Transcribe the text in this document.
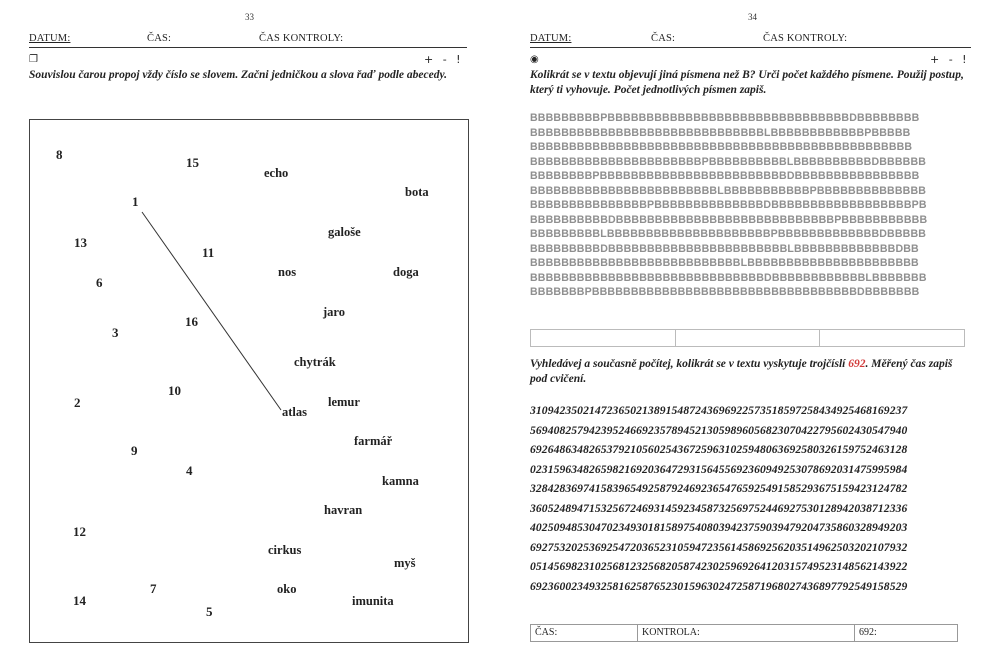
33
DATUM:	ČAS:	ČAS KONTROLY:
❐	+ - !
Souvislou čarou propoj vždy číslo se slovem. Začni jedničkou a slova řaď podle abecedy.
8
15
1
13
11
6
3
16
10
2
9
4
12
7
14
5
echo
bota
galoše
nos	doga
jaro
chytrák
lemur
atlas
farmář
kamna
havran
cirkus
myš
oko
imunita
34
DATUM:	ČAS:	ČAS KONTROLY:
◉	+ - !
Kolikrát se v textu objevují jiná písmena než B? Urči počet každého písmene. Použij postup, který ti vyhovuje. Počet jednotlivých písmen zapiš.
BBBBBBBBBPBBBBBBBBBBBBBBBBBBBBBBBBBBBBBBBDBBBBBBBB
BBBBBBBBBBBBBBBBBBBBBBBBBBBBBBLBBBBBBBBBBBBPBBBBB
BBBBBBBBBBBBBBBBBBBBBBBBBBBBBBBBBBBBBBBBBBBBBBBBB
BBBBBBBBBBBBBBBBBBBBBBPBBBBBBBBBBLBBBBBBBBBBDBBBBBB
BBBBBBBBPBBBBBBBBBBBBBBBBBBBBBBBBDBBBBBBBBBBBBBBBB
BBBBBBBBBBBBBBBBBBBBBBBBLBBBBBBBBBBBPBBBBBBBBBBBBBB
BBBBBBBBBBBBBBBPBBBBBBBBBBBBBBDBBBBBBBBBBBBBBBBBBPB
BBBBBBBBBBDBBBBBBBBBBBBBBBBBBBBBBBBBBBBPBBBBBBBBBBB
BBBBBBBBBLBBBBBBBBBBBBBBBBBBBBBPBBBBBBBBBBBBBDBBBBB
BBBBBBBBBDBBBBBBBBBBBBBBBBBBBBBBBLBBBBBBBBBBBBBDBB
BBBBBBBBBBBBBBBBBBBBBBBBBBBLBBBBBBBBBBBBBBBBBBBBBB
BBBBBBBBBBBBBBBBBBBBBBBBBBBBBBDBBBBBBBBBBBBLBBBBBBB
BBBBBBBPBBBBBBBBBBBBBBBBBBBBBBBBBBBBBBBBBBDBBBBBBB
Vyhledávej a současně počítej, kolikrát se v textu vyskytuje trojčíslí 692. Měřený čas zapiš pod cvičení.
3109423502147236502138915487243696922573518597258434925468169237
5694082579423952466923578945213059896056823070422795602430547940
6926486348265379210560254367259631025948063692580326159752463128
0231596348265982169203647293156455692360949253078692031475995984
3284283697415839654925879246923654765925491585293675159423124782
3605248947153256724693145923458732569752446927530128942038712336
4025094853047023493018158975408039423759039479204735860328949203
6927532025369254720365231059472356145869256203514962503202107932
0514569823102568123256820587423025969264120315749523148562143922
6923600234932581625876523015963024725871968027436897792549158529
ČAS:	KONTROLA:	692:
